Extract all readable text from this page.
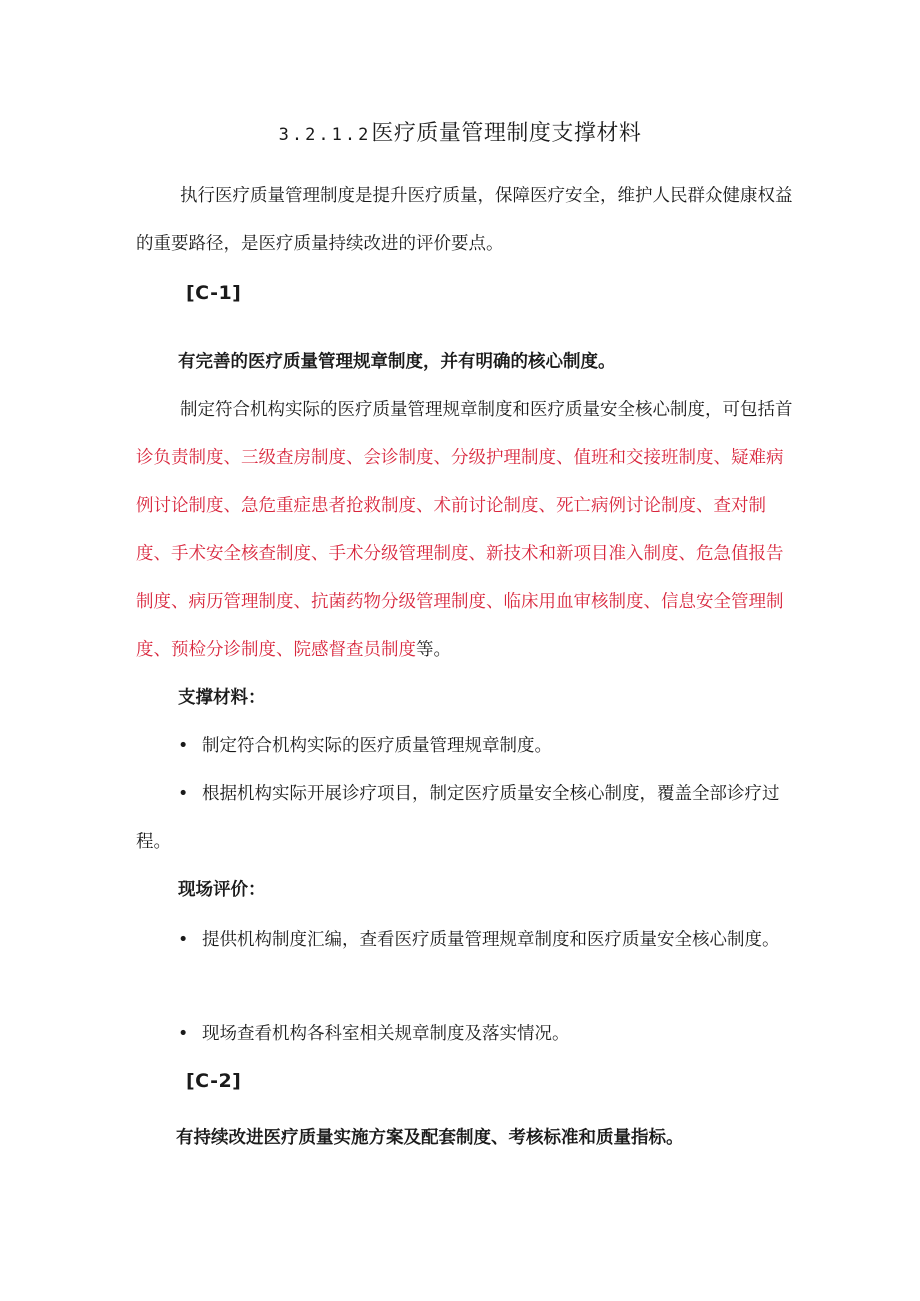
3.2.1.2医疗质量管理制度支撑材料

执行医疗质量管理制度是提升医疗质量，保障医疗安全，维护人民群众健康权益的重要路径，是医疗质量持续改进的评价要点。

[C-1]

有完善的医疗质量管理规章制度，并有明确的核心制度。

制定符合机构实际的医疗质量管理规章制度和医疗质量安全核心制度，可包括首诊负责制度、三级查房制度、会诊制度、分级护理制度、值班和交接班制度、疑难病例讨论制度、急危重症患者抢救制度、术前讨论制度、死亡病例讨论制度、查对制度、手术安全核查制度、手术分级管理制度、新技术和新项目准入制度、危急值报告制度、病历管理制度、抗菌药物分级管理制度、临床用血审核制度、信息安全管理制度、预检分诊制度、院感督查员制度等。

支撑材料：

• 制定符合机构实际的医疗质量管理规章制度。

• 根据机构实际开展诊疗项目，制定医疗质量安全核心制度，覆盖全部诊疗过程。

现场评价：

• 提供机构制度汇编，查看医疗质量管理规章制度和医疗质量安全核心制度。

• 现场查看机构各科室相关规章制度及落实情况。

[C-2]

有持续改进医疗质量实施方案及配套制度、考核标准和质量指标。
